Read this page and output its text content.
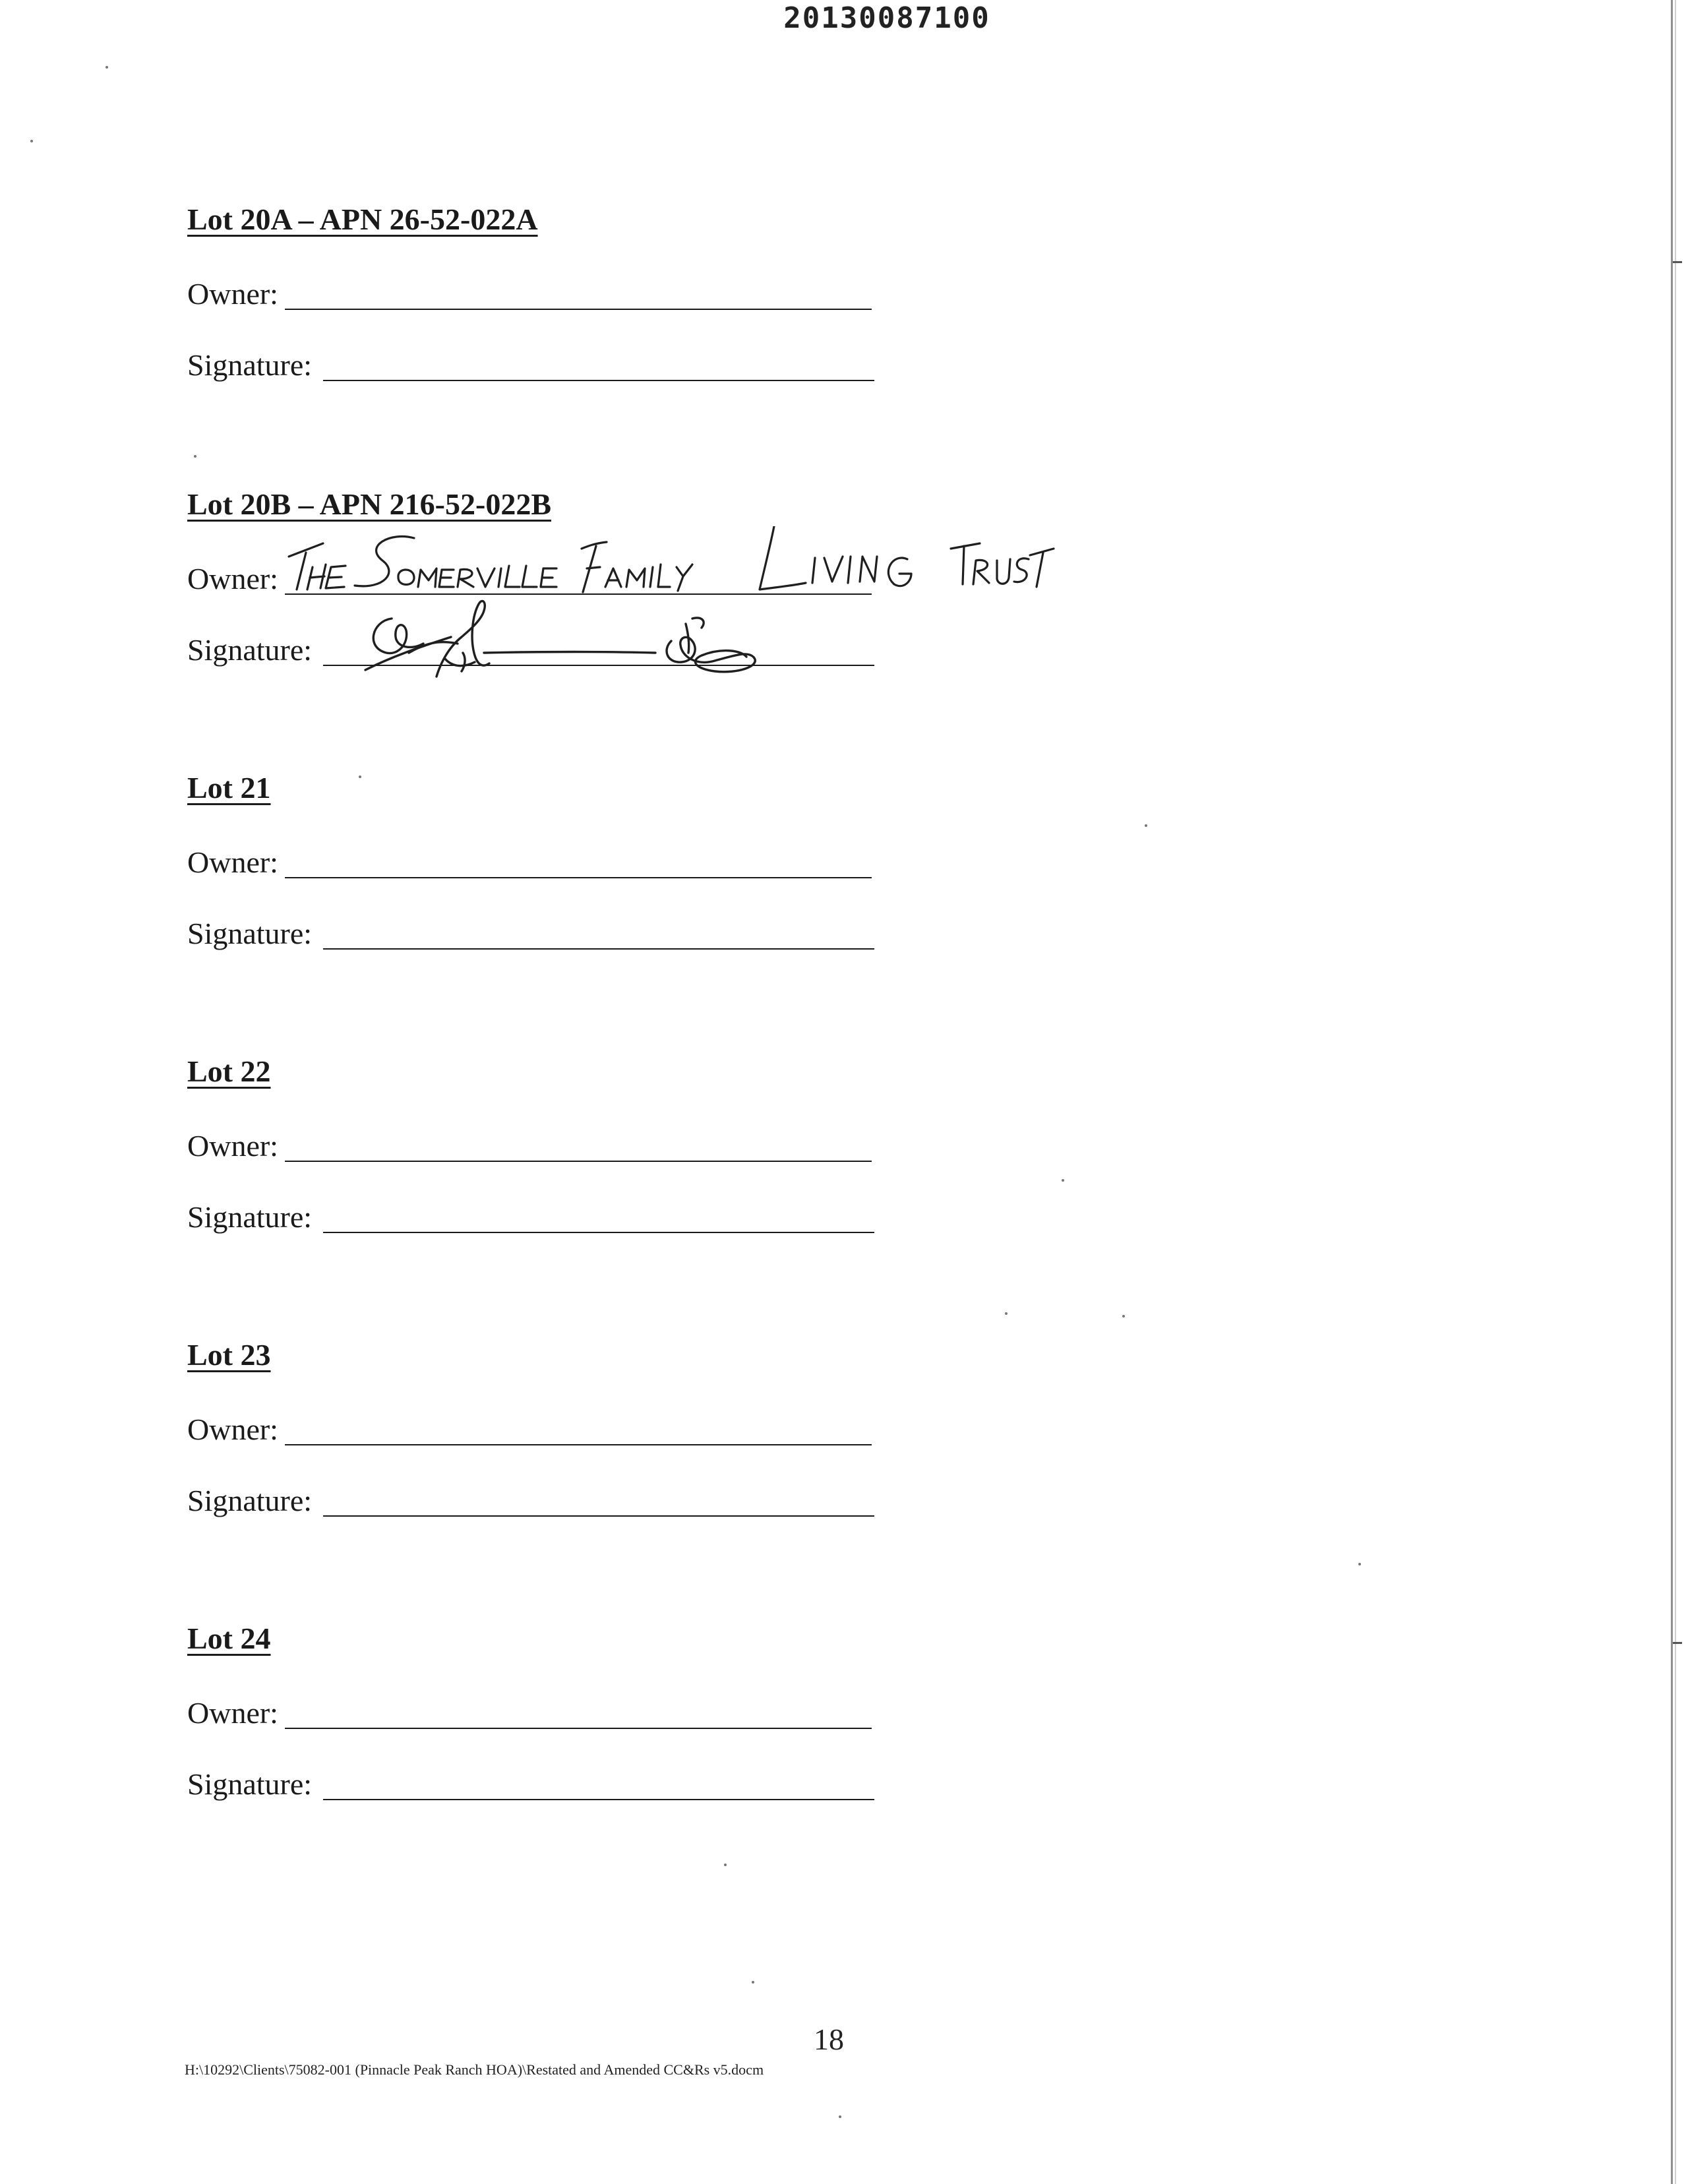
20130087100
Lot 20A – APN 26-52-022A
Owner:
Signature:
Lot 20B – APN 216-52-022B
Owner:
Signature:
Lot 21
Owner:
Signature:
Lot 22
Owner:
Signature:
Lot 23
Owner:
Signature:
Lot 24
Owner:
Signature:
18
H:\10292\Clients\75082-001 (Pinnacle Peak Ranch HOA)\Restated and Amended CC&Rs v5.docm
